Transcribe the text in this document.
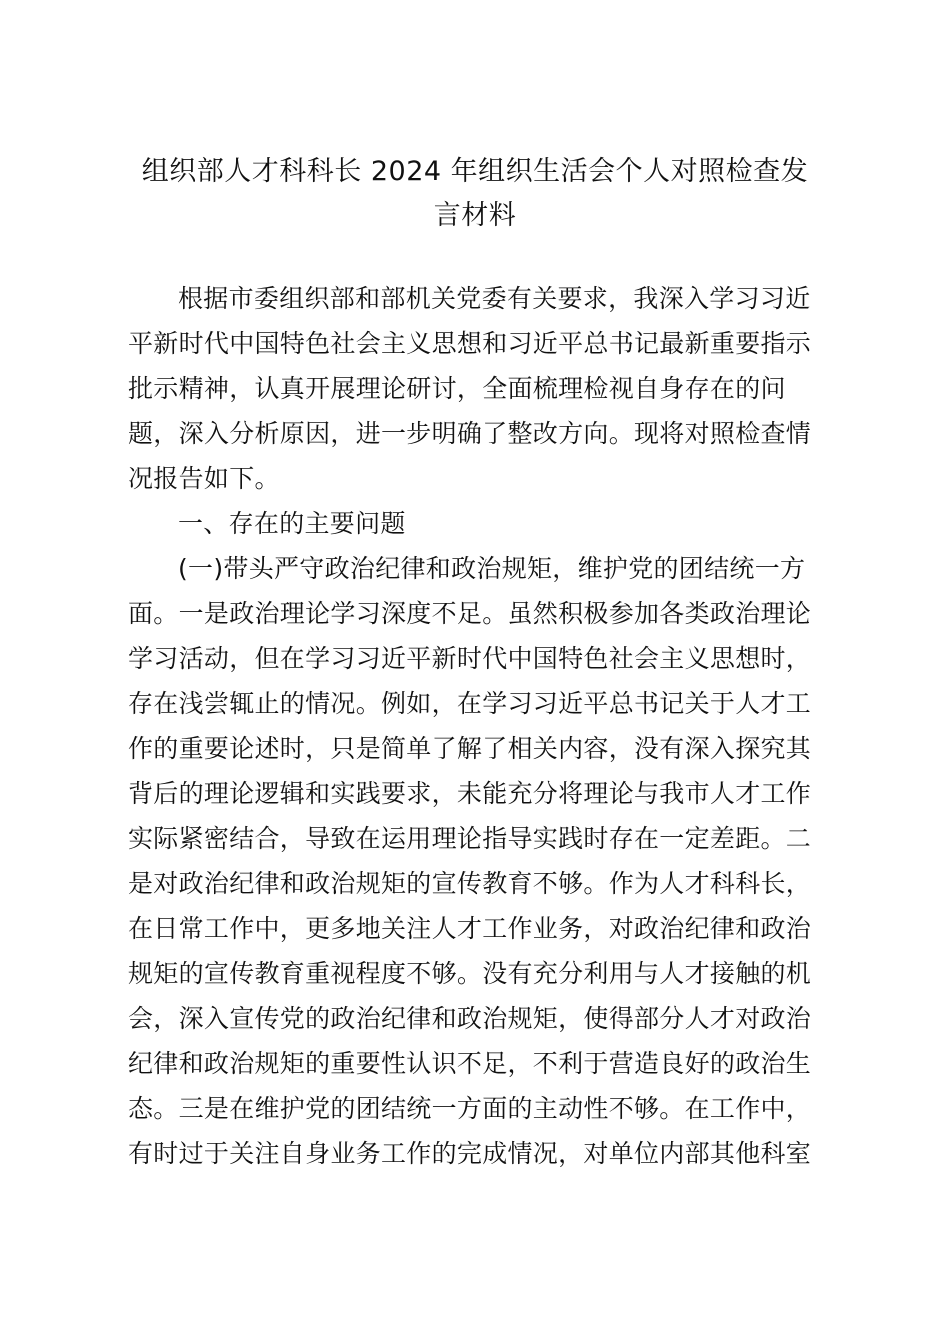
组织部人才科科长 2024 年组织生活会个人对照检查发
言材料
根据市委组织部和部机关党委有关要求，我深入学习习近
平新时代中国特色社会主义思想和习近平总书记最新重要指示
批示精神，认真开展理论研讨，全面梳理检视自身存在的问
题，深入分析原因，进一步明确了整改方向。现将对照检查情
况报告如下。
一、存在的主要问题
(一)带头严守政治纪律和政治规矩，维护党的团结统一方
面。一是政治理论学习深度不足。虽然积极参加各类政治理论
学习活动，但在学习习近平新时代中国特色社会主义思想时，
存在浅尝辄止的情况。例如，在学习习近平总书记关于人才工
作的重要论述时，只是简单了解了相关内容，没有深入探究其
背后的理论逻辑和实践要求，未能充分将理论与我市人才工作
实际紧密结合，导致在运用理论指导实践时存在一定差距。二
是对政治纪律和政治规矩的宣传教育不够。作为人才科科长，
在日常工作中，更多地关注人才工作业务，对政治纪律和政治
规矩的宣传教育重视程度不够。没有充分利用与人才接触的机
会，深入宣传党的政治纪律和政治规矩，使得部分人才对政治
纪律和政治规矩的重要性认识不足，不利于营造良好的政治生
态。三是在维护党的团结统一方面的主动性不够。在工作中，
有时过于关注自身业务工作的完成情况，对单位内部其他科室
